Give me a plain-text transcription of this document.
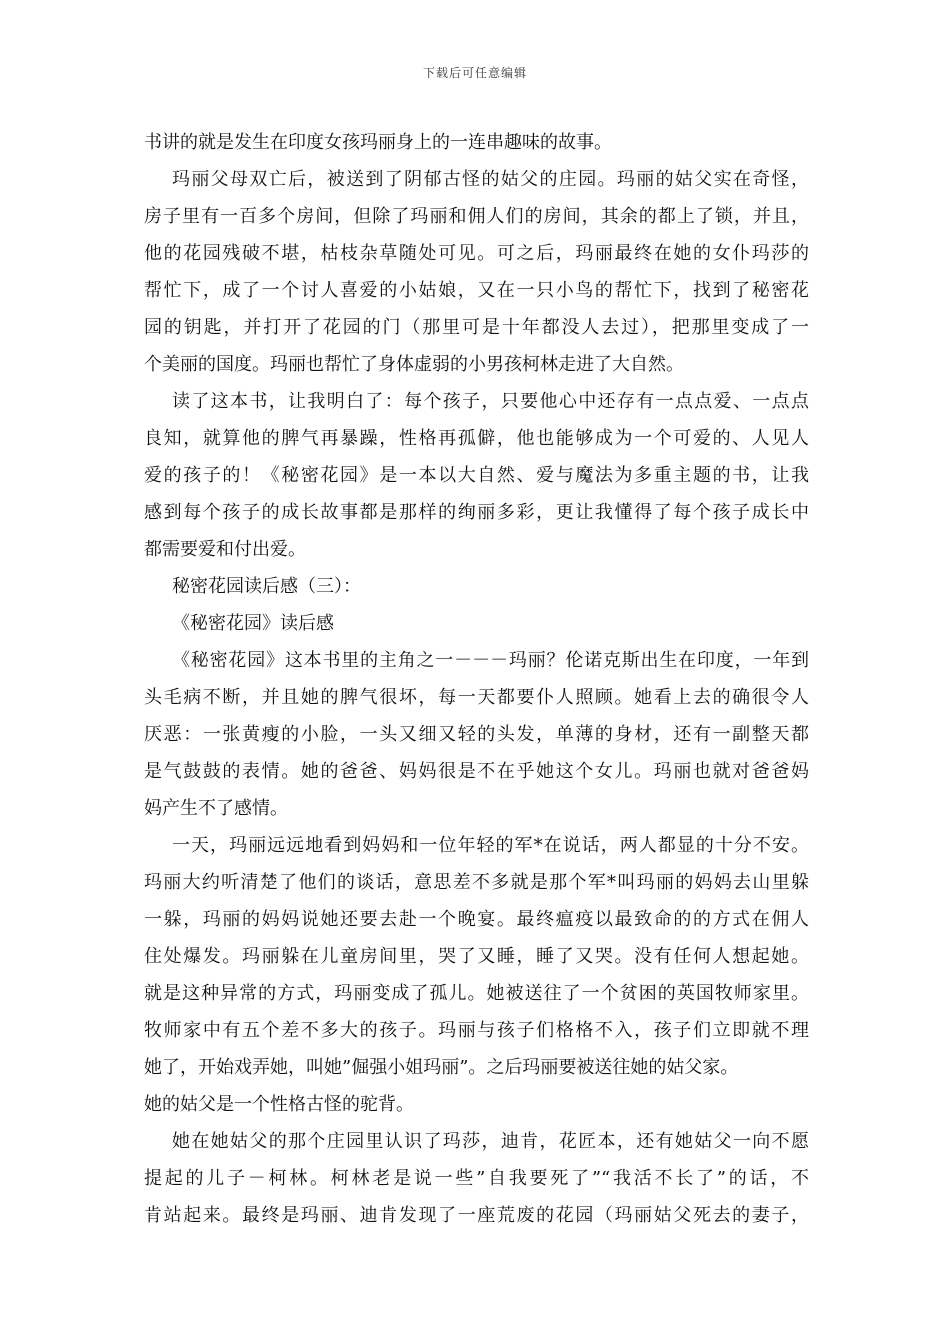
下载后可任意编辑
书讲的就是发生在印度女孩玛丽身上的一连串趣味的故事。
玛丽父母双亡后，被送到了阴郁古怪的姑父的庄园。玛丽的姑父实在奇怪，
房子里有一百多个房间，但除了玛丽和佣人们的房间，其余的都上了锁，并且，
他的花园残破不堪，枯枝杂草随处可见。可之后，玛丽最终在她的女仆玛莎的
帮忙下，成了一个讨人喜爱的小姑娘，又在一只小鸟的帮忙下，找到了秘密花
园的钥匙，并打开了花园的门（那里可是十年都没人去过），把那里变成了一
个美丽的国度。玛丽也帮忙了身体虚弱的小男孩柯林走进了大自然。
读了这本书，让我明白了：每个孩子，只要他心中还存有一点点爱、一点点
良知，就算他的脾气再暴躁，性格再孤僻，他也能够成为一个可爱的、人见人
爱的孩子的！《秘密花园》是一本以大自然、爱与魔法为多重主题的书，让我
感到每个孩子的成长故事都是那样的绚丽多彩，更让我懂得了每个孩子成长中
都需要爱和付出爱。
秘密花园读后感（三）：
《秘密花园》读后感
《秘密花园》这本书里的主角之一－－－玛丽？伦诺克斯出生在印度，一年到
头毛病不断，并且她的脾气很坏，每一天都要仆人照顾。她看上去的确很令人
厌恶：一张黄瘦的小脸，一头又细又轻的头发，单薄的身材，还有一副整天都
是气鼓鼓的表情。她的爸爸、妈妈很是不在乎她这个女儿。玛丽也就对爸爸妈
妈产生不了感情。
一天，玛丽远远地看到妈妈和一位年轻的军*在说话，两人都显的十分不安。
玛丽大约听清楚了他们的谈话，意思差不多就是那个军*叫玛丽的妈妈去山里躲
一躲，玛丽的妈妈说她还要去赴一个晚宴。最终瘟疫以最致命的的方式在佣人
住处爆发。玛丽躲在儿童房间里，哭了又睡，睡了又哭。没有任何人想起她。
就是这种异常的方式，玛丽变成了孤儿。她被送往了一个贫困的英国牧师家里。
牧师家中有五个差不多大的孩子。玛丽与孩子们格格不入，孩子们立即就不理
她了，开始戏弄她，叫她”倔强小姐玛丽”。之后玛丽要被送往她的姑父家。
她的姑父是一个性格古怪的驼背。
她在她姑父的那个庄园里认识了玛莎，迪肯，花匠本，还有她姑父一向不愿
提起的儿子－柯林。柯林老是说一些”自我要死了”“我活不长了”的话，不
肯站起来。最终是玛丽、迪肯发现了一座荒废的花园（玛丽姑父死去的妻子，
